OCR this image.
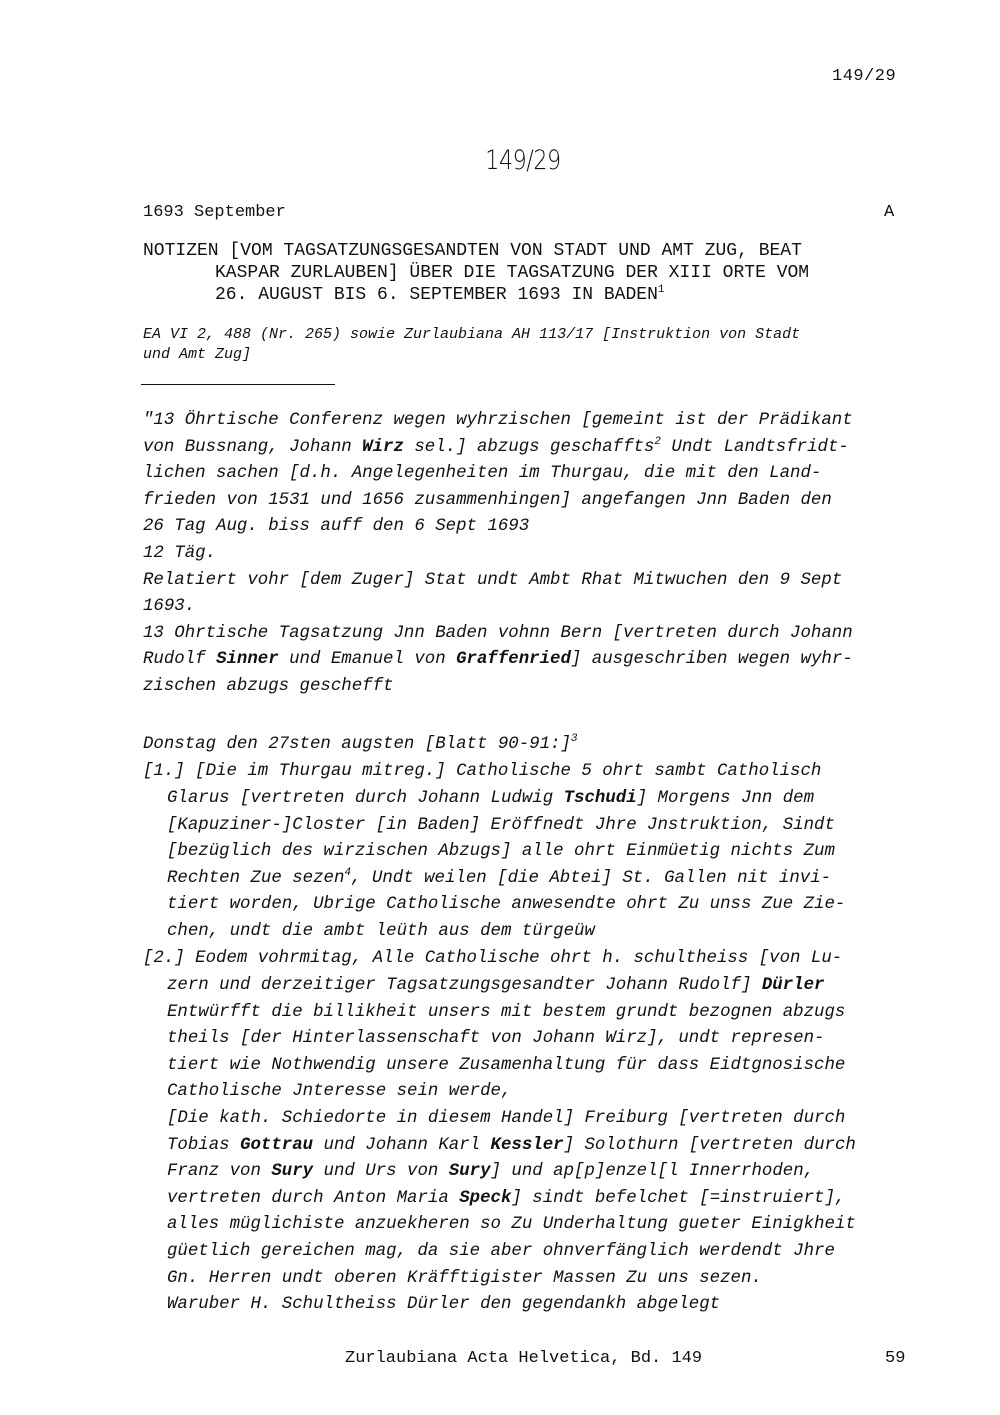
149/29
149/29
1693 September	A
NOTIZEN [VOM TAGSATZUNGSGESANDTEN VON STADT UND AMT ZUG, BEAT
KASPAR ZURLAUBEN] ÜBER DIE TAGSATZUNG DER XIII ORTE VOM
26. AUGUST BIS 6. SEPTEMBER 1693 IN BADEN$^1$
EA VI 2, 488 (Nr. 265) sowie Zurlaubiana AH 113/17 [Instruktion von Stadt
und Amt Zug]
"13 Öhrtische Conferenz wegen wyhrzischen [gemeint ist der Prädikant
von Bussnang, Johann Wirz sel.] abzugs geschaffts$^2$ Undt Landtsfridt-
lichen sachen [d.h. Angelegenheiten im Thurgau, die mit den Land-
frieden von 1531 und 1656 zusammenhingen] angefangen Jnn Baden den
26 Tag Aug. biss auff den 6 Sept 1693
12 Täg.
Relatiert vohr [dem Zuger] Stat undt Ambt Rhat Mitwuchen den 9 Sept
1693.
13 Ohrtische Tagsatzung Jnn Baden vohnn Bern [vertreten durch Johann
Rudolf Sinner und Emanuel von Graffenried] ausgeschriben wegen wyhr-
zischen abzugs geschefft
Donstag den 27sten augsten [Blatt 90-91:]$^3$
[1.] [Die im Thurgau mitreg.] Catholische 5 ohrt sambt Catholisch
Glarus [vertreten durch Johann Ludwig Tschudi] Morgens Jnn dem
[Kapuziner-]Closter [in Baden] Eröffnedt Jhre Jnstruktion, Sindt
[bezüglich des wirzischen Abzugs] alle ohrt Einmüetig nichts Zum
Rechten Zue sezen$^4$, Undt weilen [die Abtei] St. Gallen nit invi-
tiert worden, Ubrige Catholische anwesendte ohrt Zu unss Zue Zie-
chen, undt die ambt leüth aus dem türgeüw
[2.] Eodem vohrmitag, Alle Catholische ohrt h. schultheiss [von Lu-
zern und derzeitiger Tagsatzungsgesandter Johann Rudolf] Dürler
Entwürfft die billikheit unsers mit bestem grundt bezognen abzugs
theils [der Hinterlassenschaft von Johann Wirz], undt represen-
tiert wie Nothwendig unsere Zusamenhaltung für dass Eidtgnosische
Catholische Jnteresse sein werde,
[Die kath. Schiedorte in diesem Handel] Freiburg [vertreten durch
Tobias Gottrau und Johann Karl Kessler] Solothurn [vertreten durch
Franz von Sury und Urs von Sury] und ap[p]enzel[l Innerrhoden,
vertreten durch Anton Maria Speck] sindt befelchet [=instruiert],
alles müglichiste anzuekheren so Zu Underhaltung gueter Einigkheit
güetlich gereichen mag, da sie aber ohnverfänglich werdendt Jhre
Gn. Herren undt oberen Kräfftigister Massen Zu uns sezen.
Waruber H. Schultheiss Dürler den gegendankh abgelegt
Zurlaubiana Acta Helvetica, Bd. 149	59
